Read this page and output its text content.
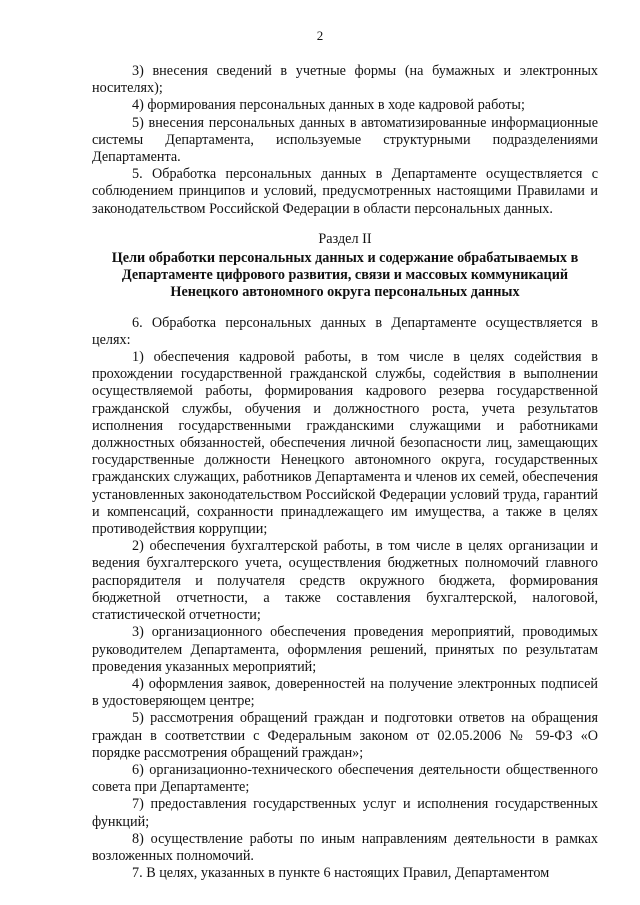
2

3) внесения сведений в учетные формы (на бумажных и электронных носителях);

4) формирования персональных данных в ходе кадровой работы;

5) внесения персональных данных в автоматизированные информационные системы Департамента, используемые структурными подразделениями Департамента.

5. Обработка персональных данных в Департаменте осуществляется с соблюдением принципов и условий, предусмотренных настоящими Правилами и законодательством Российской Федерации в области персональных данных.

Раздел II

Цели обработки персональных данных и содержание обрабатываемых в Департаменте цифрового развития, связи и массовых коммуникаций Ненецкого автономного округа персональных данных

6. Обработка персональных данных в Департаменте осуществляется в целях:

1) обеспечения кадровой работы, в том числе в целях содействия в прохождении государственной гражданской службы, содействия в выполнении осуществляемой работы, формирования кадрового резерва государственной гражданской службы, обучения и должностного роста, учета результатов исполнения государственными гражданскими служащими и работниками должностных обязанностей, обеспечения личной безопасности лиц, замещающих государственные должности Ненецкого автономного округа, государственных гражданских служащих, работников Департамента и членов их семей, обеспечения установленных законодательством Российской Федерации условий труда, гарантий и компенсаций, сохранности принадлежащего им имущества, а также в целях противодействия коррупции;

2) обеспечения бухгалтерской работы, в том числе в целях организации и ведения бухгалтерского учета, осуществления бюджетных полномочий главного распорядителя и получателя средств окружного бюджета, формирования бюджетной отчетности, а также составления бухгалтерской, налоговой, статистической отчетности;

3) организационного обеспечения проведения мероприятий, проводимых руководителем Департамента, оформления решений, принятых по результатам проведения указанных мероприятий;

4) оформления заявок, доверенностей на получение электронных подписей в удостоверяющем центре;

5) рассмотрения обращений граждан и подготовки ответов на обращения граждан в соответствии с Федеральным законом от 02.05.2006 № 59-ФЗ «О порядке рассмотрения обращений граждан»;

6) организационно-технического обеспечения деятельности общественного совета при Департаменте;

7) предоставления государственных услуг и исполнения государственных функций;

8) осуществление работы по иным направлениям деятельности в рамках возложенных полномочий.

7. В целях, указанных в пункте 6 настоящих Правил, Департаментом
